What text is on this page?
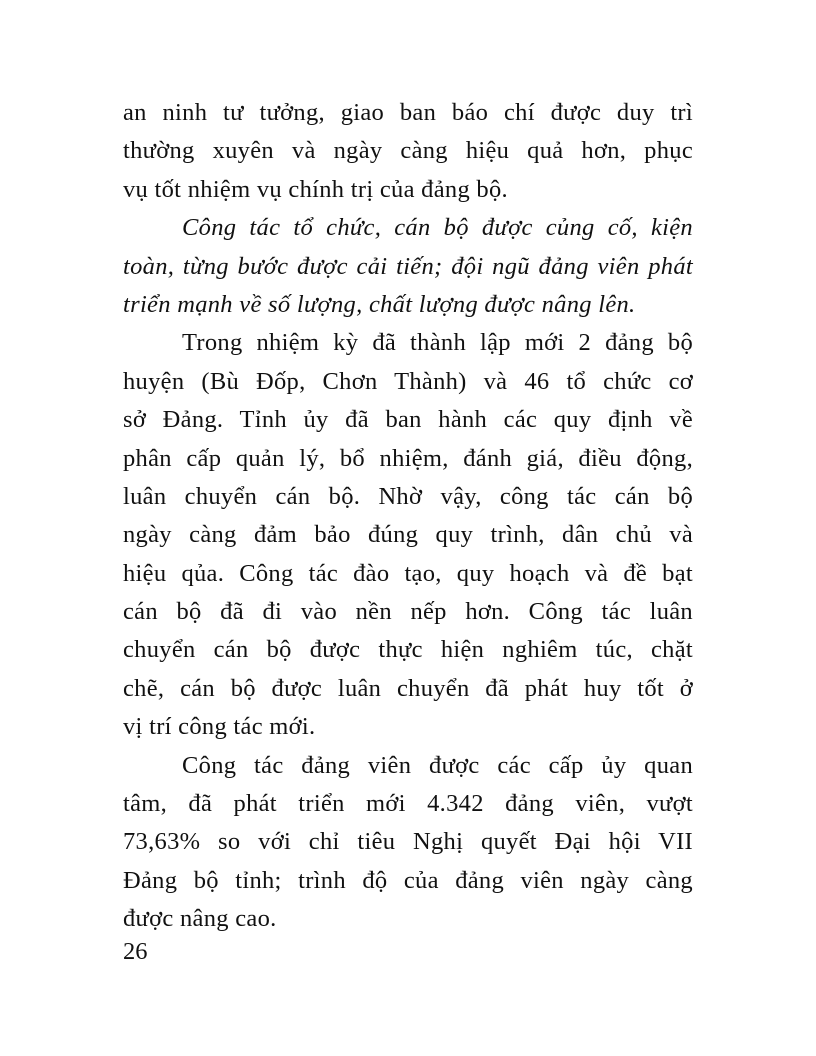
an ninh tư tưởng, giao ban báo chí được duy trì
thường xuyên và ngày càng hiệu quả hơn, phục
vụ tốt nhiệm vụ chính trị của đảng bộ.
Công tác tổ chức, cán bộ được củng cố, kiện
toàn, từng bước được cải tiến; đội ngũ đảng viên phát
triển mạnh về số lượng, chất lượng được nâng lên.
Trong nhiệm kỳ đã thành lập mới 2 đảng bộ
huyện (Bù Đốp, Chơn Thành) và 46 tổ chức cơ
sở Đảng. Tỉnh ủy đã ban hành các quy định về
phân cấp quản lý, bổ nhiệm, đánh giá, điều động,
luân chuyển cán bộ. Nhờ vậy, công tác cán bộ
ngày càng đảm bảo đúng quy trình, dân chủ và
hiệu qủa. Công tác đào tạo, quy hoạch và đề bạt
cán bộ đã đi vào nền nếp hơn. Công tác luân
chuyển cán bộ được thực hiện nghiêm túc, chặt
chẽ, cán bộ được luân chuyển đã phát huy tốt ở
vị trí công tác mới.
Công tác đảng viên được các cấp ủy quan
tâm, đã phát triển mới 4.342 đảng viên, vượt
73,63% so với chỉ tiêu Nghị quyết Đại hội VII
Đảng bộ tỉnh; trình độ của đảng viên ngày càng
được nâng cao.
26
